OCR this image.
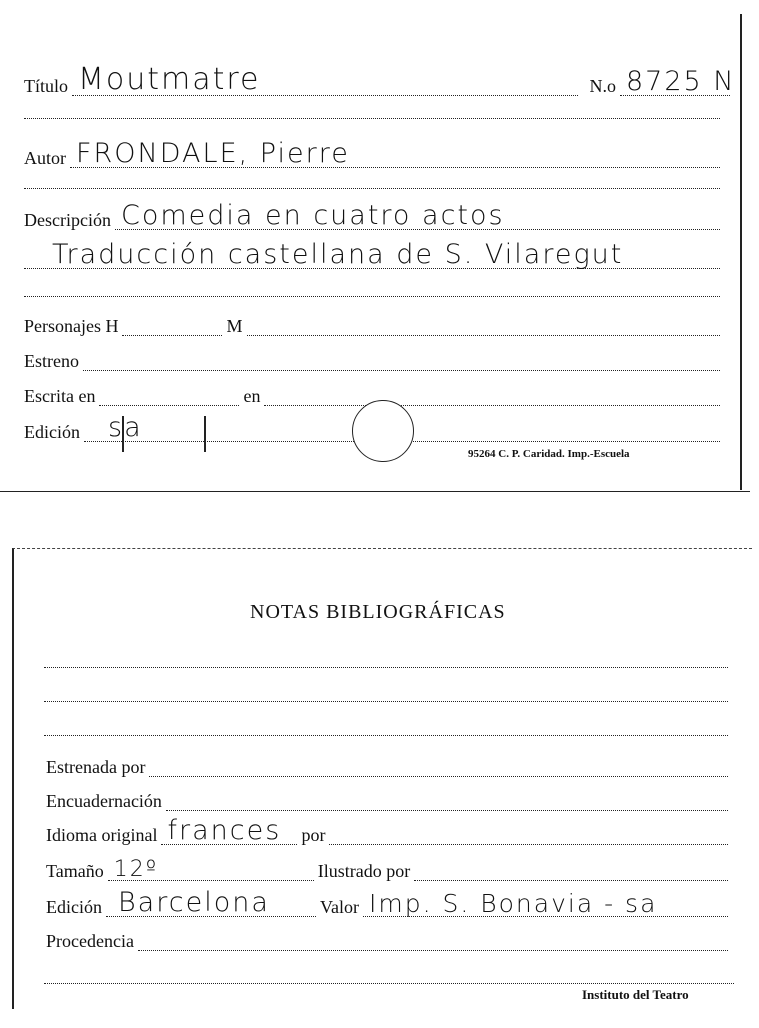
Título Moutmatre	N.o 8725 N
Autor FRONDALE, Pierre
Descripción Comedia en cuatro actos
Traducción castellana de S. Vilaregut
Personajes H	M
Estreno
Escrita en	en
Edición sa
95264 C. P. Caridad. Imp.-Escuela
NOTAS BIBLIOGRÁFICAS
Estrenada por
Encuadernación
Idioma original frances por
Tamaño 12º	Ilustrado por
Edición Barcelona	Valor Imp. S. Bonavia - sa
Procedencia
Instituto del Teatro
